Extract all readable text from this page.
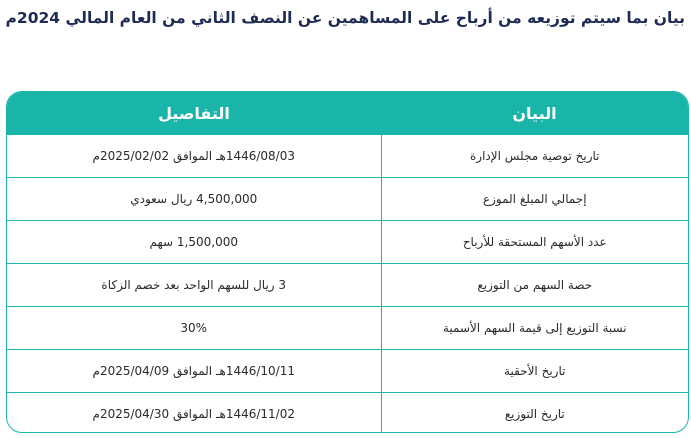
بيان بما سيتم توزيعه من أرباح على المساهمين عن النصف الثاني من العام المالي 2024م
البيان	التفاصيل
تاريخ توصية مجلس الإدارة	1446/08/03هـ الموافق 2025/02/02م
إجمالي المبلغ الموزع	4,500,000 ريال سعودي
عدد الأسهم المستحقة للأرباح	1,500,000 سهم
حصة السهم من التوزيع	3 ريال للسهم الواحد بعد خصم الزكاة
نسبة التوزيع إلى قيمة السهم الأسمية	30%
تاريخ الأحقية	1446/10/11هـ الموافق 2025/04/09م
تاريخ التوزيع	1446/11/02هـ الموافق 2025/04/30م
